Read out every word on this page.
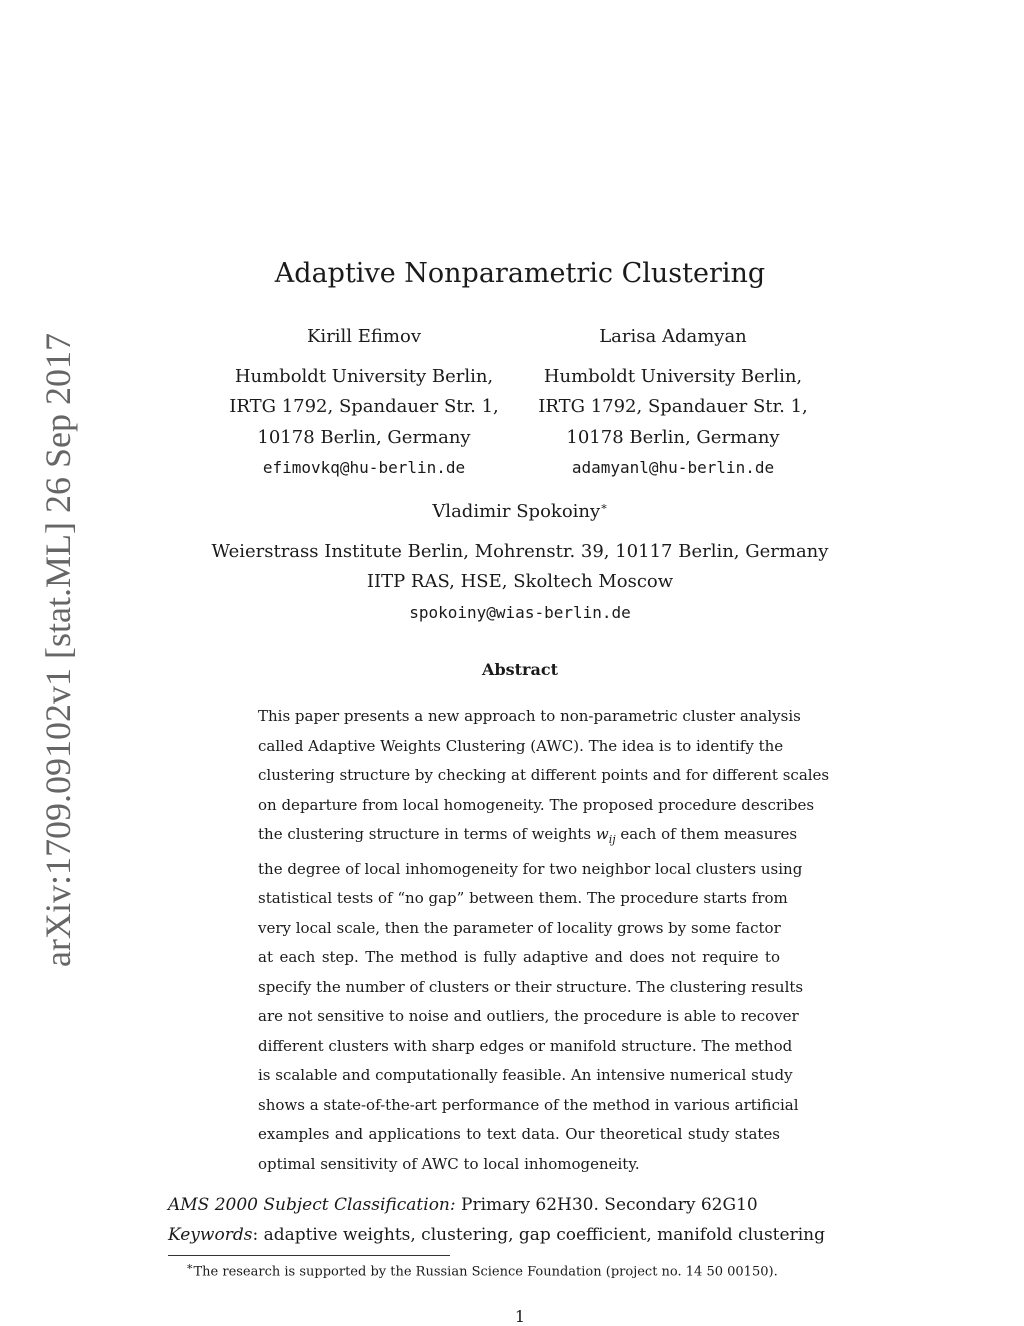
arXiv:1709.09102v1 [stat.ML] 26 Sep 2017
Adaptive Nonparametric Clustering
Kirill Efimov
Humboldt University Berlin,
IRTG 1792, Spandauer Str. 1,
10178 Berlin, Germany
efimovkq@hu-berlin.de
Larisa Adamyan
Humboldt University Berlin,
IRTG 1792, Spandauer Str. 1,
10178 Berlin, Germany
adamyanl@hu-berlin.de
Vladimir Spokoiny∗
Weierstrass Institute Berlin, Mohrenstr. 39, 10117 Berlin, Germany
IITP RAS, HSE, Skoltech Moscow
spokoiny@wias-berlin.de
Abstract
This paper presents a new approach to non-parametric cluster analysis
called Adaptive Weights Clustering (AWC). The idea is to identify the
clustering structure by checking at different points and for different scales
on departure from local homogeneity. The proposed procedure describes
the clustering structure in terms of weights $w_{ij}$ each of them measures
the degree of local inhomogeneity for two neighbor local clusters using
statistical tests of “no gap” between them. The procedure starts from
very local scale, then the parameter of locality grows by some factor
at each step. The method is fully adaptive and does not require to
specify the number of clusters or their structure. The clustering results
are not sensitive to noise and outliers, the procedure is able to recover
different clusters with sharp edges or manifold structure. The method
is scalable and computationally feasible. An intensive numerical study
shows a state-of-the-art performance of the method in various artificial
examples and applications to text data. Our theoretical study states
optimal sensitivity of AWC to local inhomogeneity.
AMS 2000 Subject Classification: Primary 62H30. Secondary 62G10
Keywords: adaptive weights, clustering, gap coefficient, manifold clustering
∗The research is supported by the Russian Science Foundation (project no. 14 50 00150).
1
